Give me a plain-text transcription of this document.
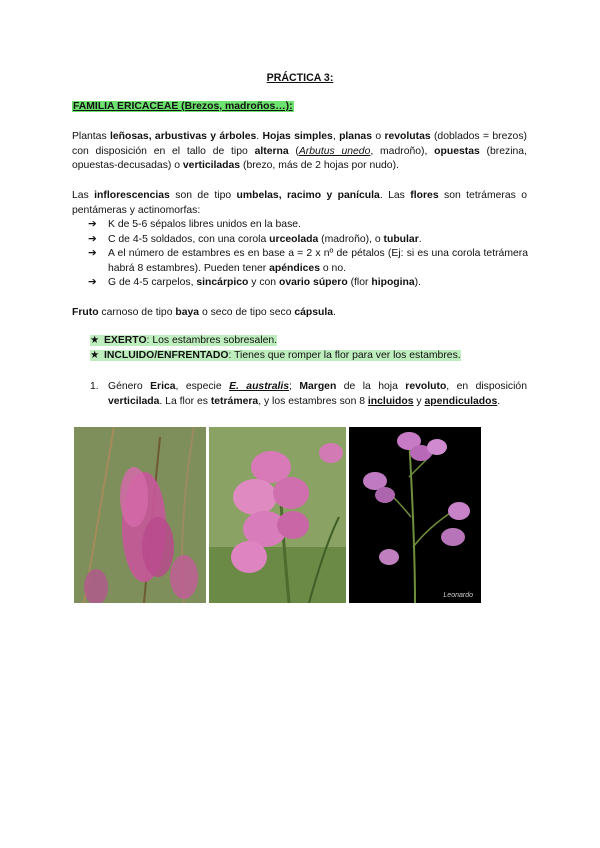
PRÁCTICA 3:
FAMILIA ERICACEAE (Brezos, madroños…):

Plantas leñosas, arbustivas y árboles. Hojas simples, planas o revolutas (doblados = brezos) con disposición en el tallo de tipo alterna (Arbutus unedo, madroño), opuestas (brezina, opuestas-decusadas) o verticiladas (brezo, más de 2 hojas por nudo).

Las inflorescencias son de tipo umbelas, racimo y panícula. Las flores son tetrámeras o pentámeras y actinomorfas:

➔ K de 5-6 sépalos libres unidos en la base.
➔ C de 4-5 soldados, con una corola urceolada (madroño), o tubular.
➔ A el número de estambres es en base a = 2 x nº de pétalos (Ej: si es una corola tetrámera habrá 8 estambres). Pueden tener apéndices o no.
➔ G de 4-5 carpelos, sincárpico y con ovario súpero (flor hipogina).

Fruto carnoso de tipo baya o seco de tipo seco cápsula.

★ EXERTO: Los estambres sobresalen.
★ INCLUIDO/ENFRENTADO: Tienes que romper la flor para ver los estambres.
1. Género Erica, especie E. australis; Margen de la hoja revoluto, en disposición verticilada. La flor es tetrámera, y los estambres son 8 incluidos y apendiculados.
Leonardo
